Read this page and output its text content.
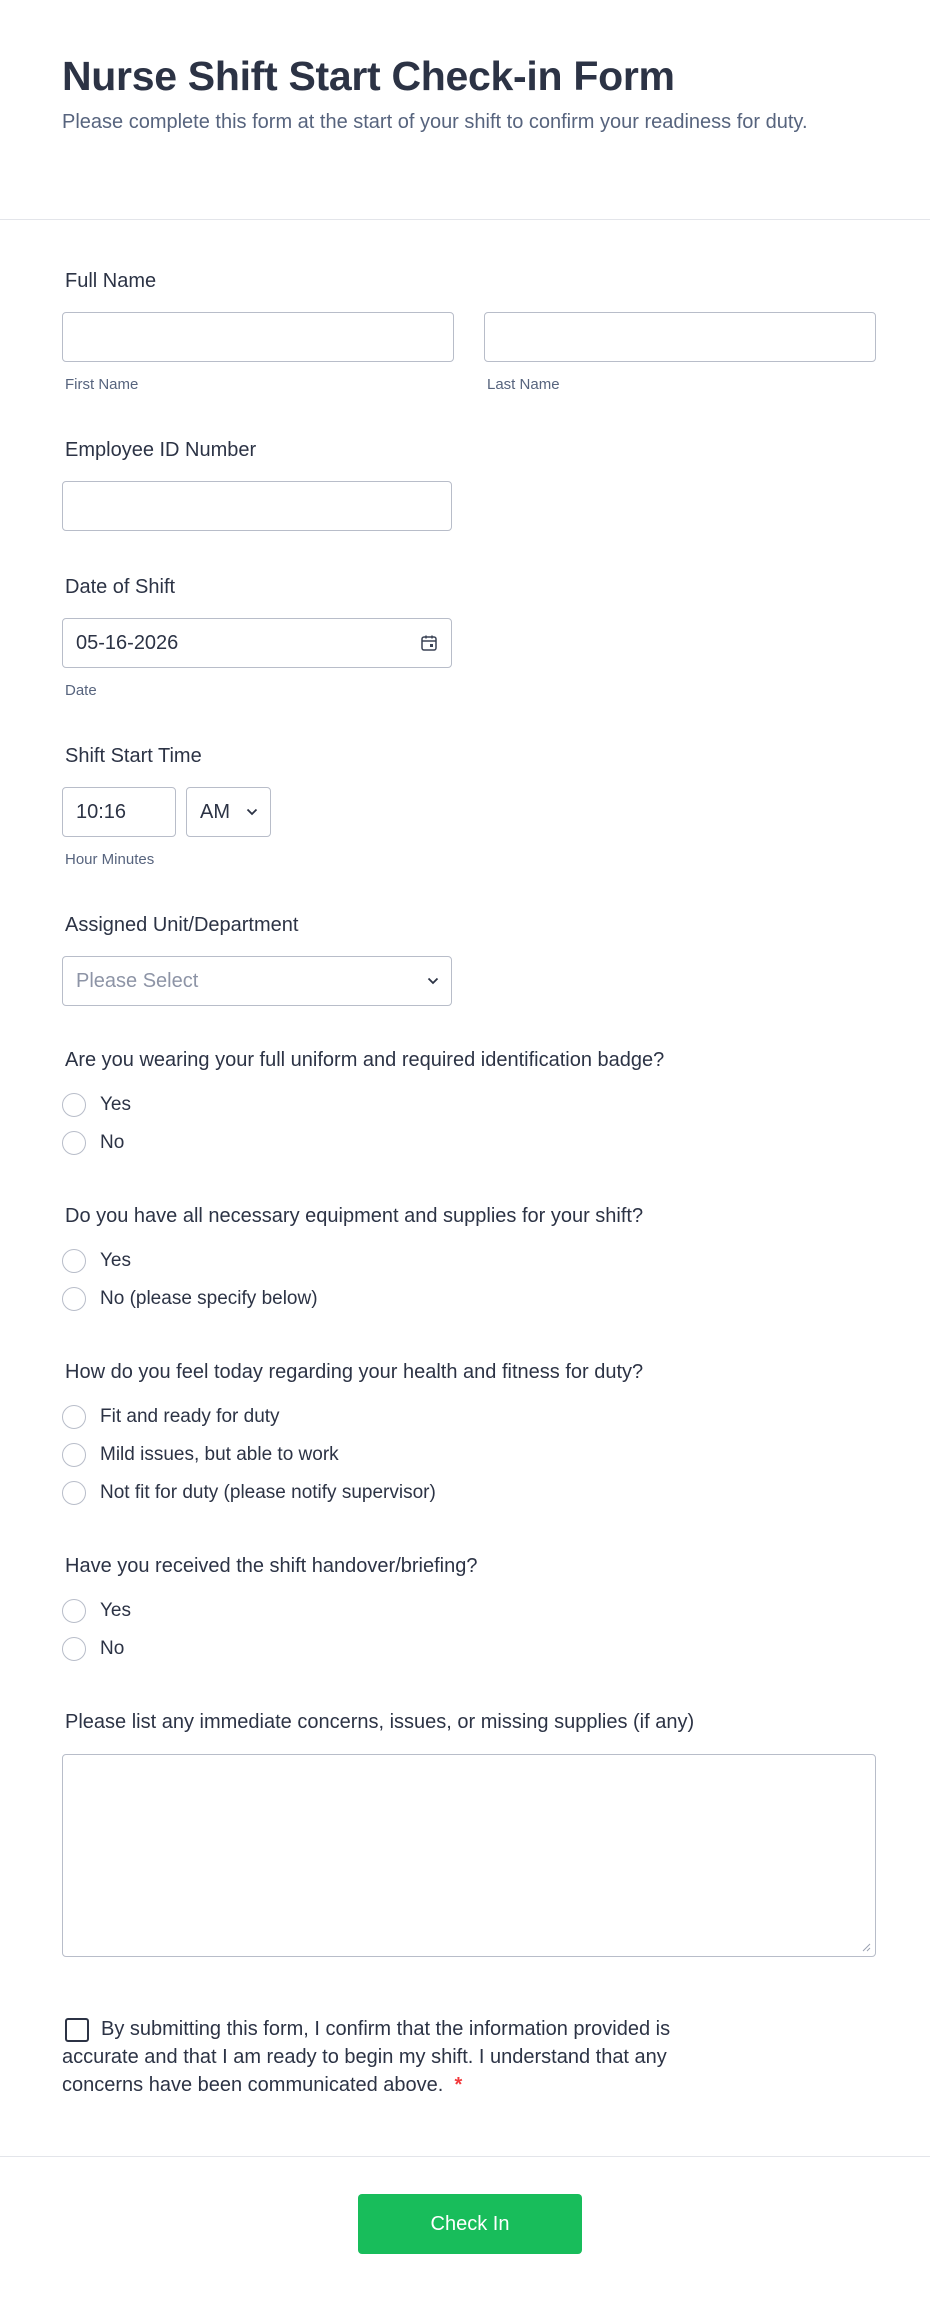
Nurse Shift Start Check-in Form

Please complete this form at the start of your shift to confirm your readiness for duty.

Full Name
First Name	Last Name
Employee ID Number
Date of Shift
05-16-2026
Date
Shift Start Time
10:16	AM
Hour Minutes
Assigned Unit/Department
Please Select
Are you wearing your full uniform and required identification badge?
Yes
No
Do you have all necessary equipment and supplies for your shift?
Yes
No (please specify below)
How do you feel today regarding your health and fitness for duty?
Fit and ready for duty
Mild issues, but able to work
Not fit for duty (please notify supervisor)
Have you received the shift handover/briefing?
Yes
No
Please list any immediate concerns, issues, or missing supplies (if any)
By submitting this form, I confirm that the information provided is
accurate and that I am ready to begin my shift. I understand that any
concerns have been communicated above. *
Check In
